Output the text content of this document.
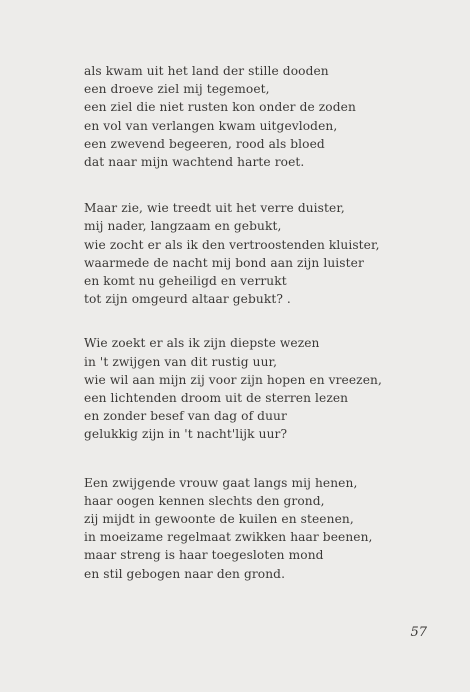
als kwam uit het land der stille dooden
een droeve ziel mij tegemoet,
een ziel die niet rusten kon onder de zoden
en vol van verlangen kwam uitgevloden,
een zwevend begeeren, rood als bloed
dat naar mijn wachtend harte roet.
Maar zie, wie treedt uit het verre duister,
mij nader, langzaam en gebukt,
wie zocht er als ik den vertroostenden kluister,
waarmede de nacht mij bond aan zijn luister
en komt nu geheiligd en verrukt
tot zijn omgeurd altaar gebukt? .
Wie zoekt er als ik zijn diepste wezen
in 't zwijgen van dit rustig uur,
wie wil aan mijn zij voor zijn hopen en vreezen,
een lichtenden droom uit de sterren lezen
en zonder besef van dag of duur
gelukkig zijn in 't nacht'lijk uur?
Een zwijgende vrouw gaat langs mij henen,
haar oogen kennen slechts den grond,
zij mijdt in gewoonte de kuilen en steenen,
in moeizame regelmaat zwikken haar beenen,
maar streng is haar toegesloten mond
en stil gebogen naar den grond.
57
